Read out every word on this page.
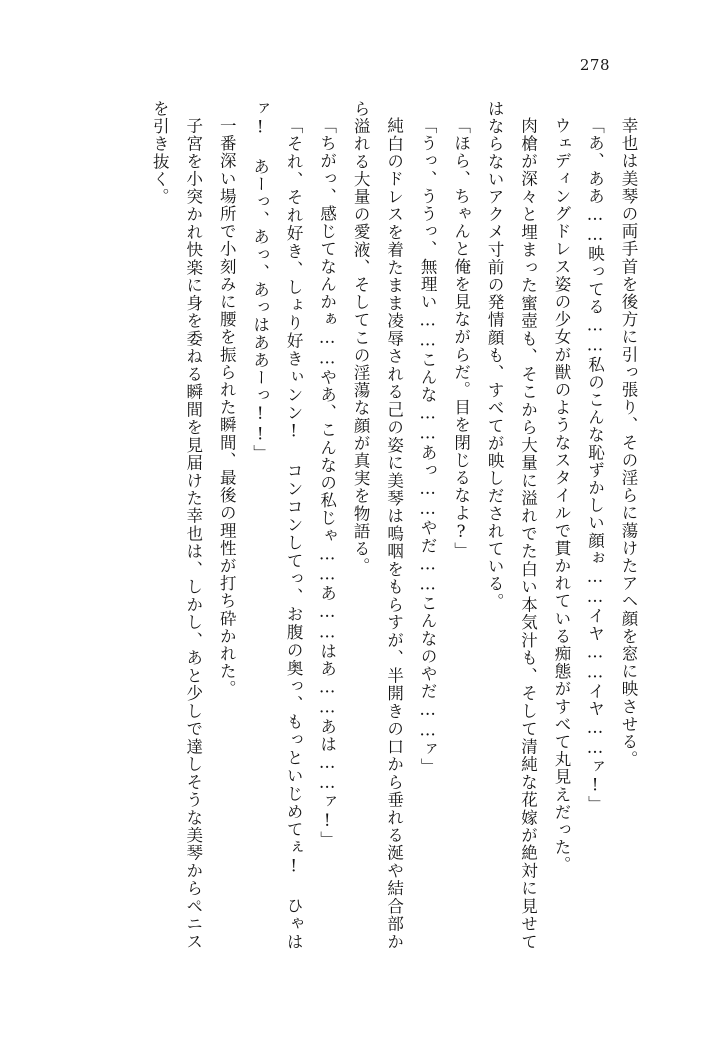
278

幸也は美琴の両手首を後方に引っ張り、その淫らに蕩けたアヘ顔を窓に映させる。

「あ、ああ……映ってる……私のこんな恥ずかしい顔ぉ……イヤ……イヤ……ァ!」

ウェディングドレス姿の少女が獣のようなスタイルで貫かれている痴態がすべて丸見えだった。

肉槍が深々と埋まった蜜壺も、そこから大量に溢れでた白い本気汁も、そして清純な花嫁が絶対に見せてはならないアクメ寸前の発情顔も、すべてが映しだされている。

「ほら、ちゃんと俺を見ながらだ。目を閉じるなよ?」

「うっ、ううっ、無理い……こんな……あっ……やだ……こんなのやだ……ァ」

純白のドレスを着たまま凌辱される己の姿に美琴は嗚咽をもらすが、半開きの口から垂れる涎や結合部から溢れる大量の愛液、そしてこの淫蕩な顔が真実を物語る。

「ちがっ、感じてなんかぁ……やあ、こんなの私じゃ……あ……はあ……あは……ァ!」

「それ、それ好き、しょり好きぃンン! コンコンしてっ、お腹の奥っ、もっといじめてぇ! ひゃはァ! あーっ、あっ、あっはああーっ!!」

一番深い場所で小刻みに腰を振られた瞬間、最後の理性が打ち砕かれた。

子宮を小突かれ快楽に身を委ねる瞬間を見届けた幸也は、しかし、あと少しで達しそうな美琴からペニスを引き抜く。
